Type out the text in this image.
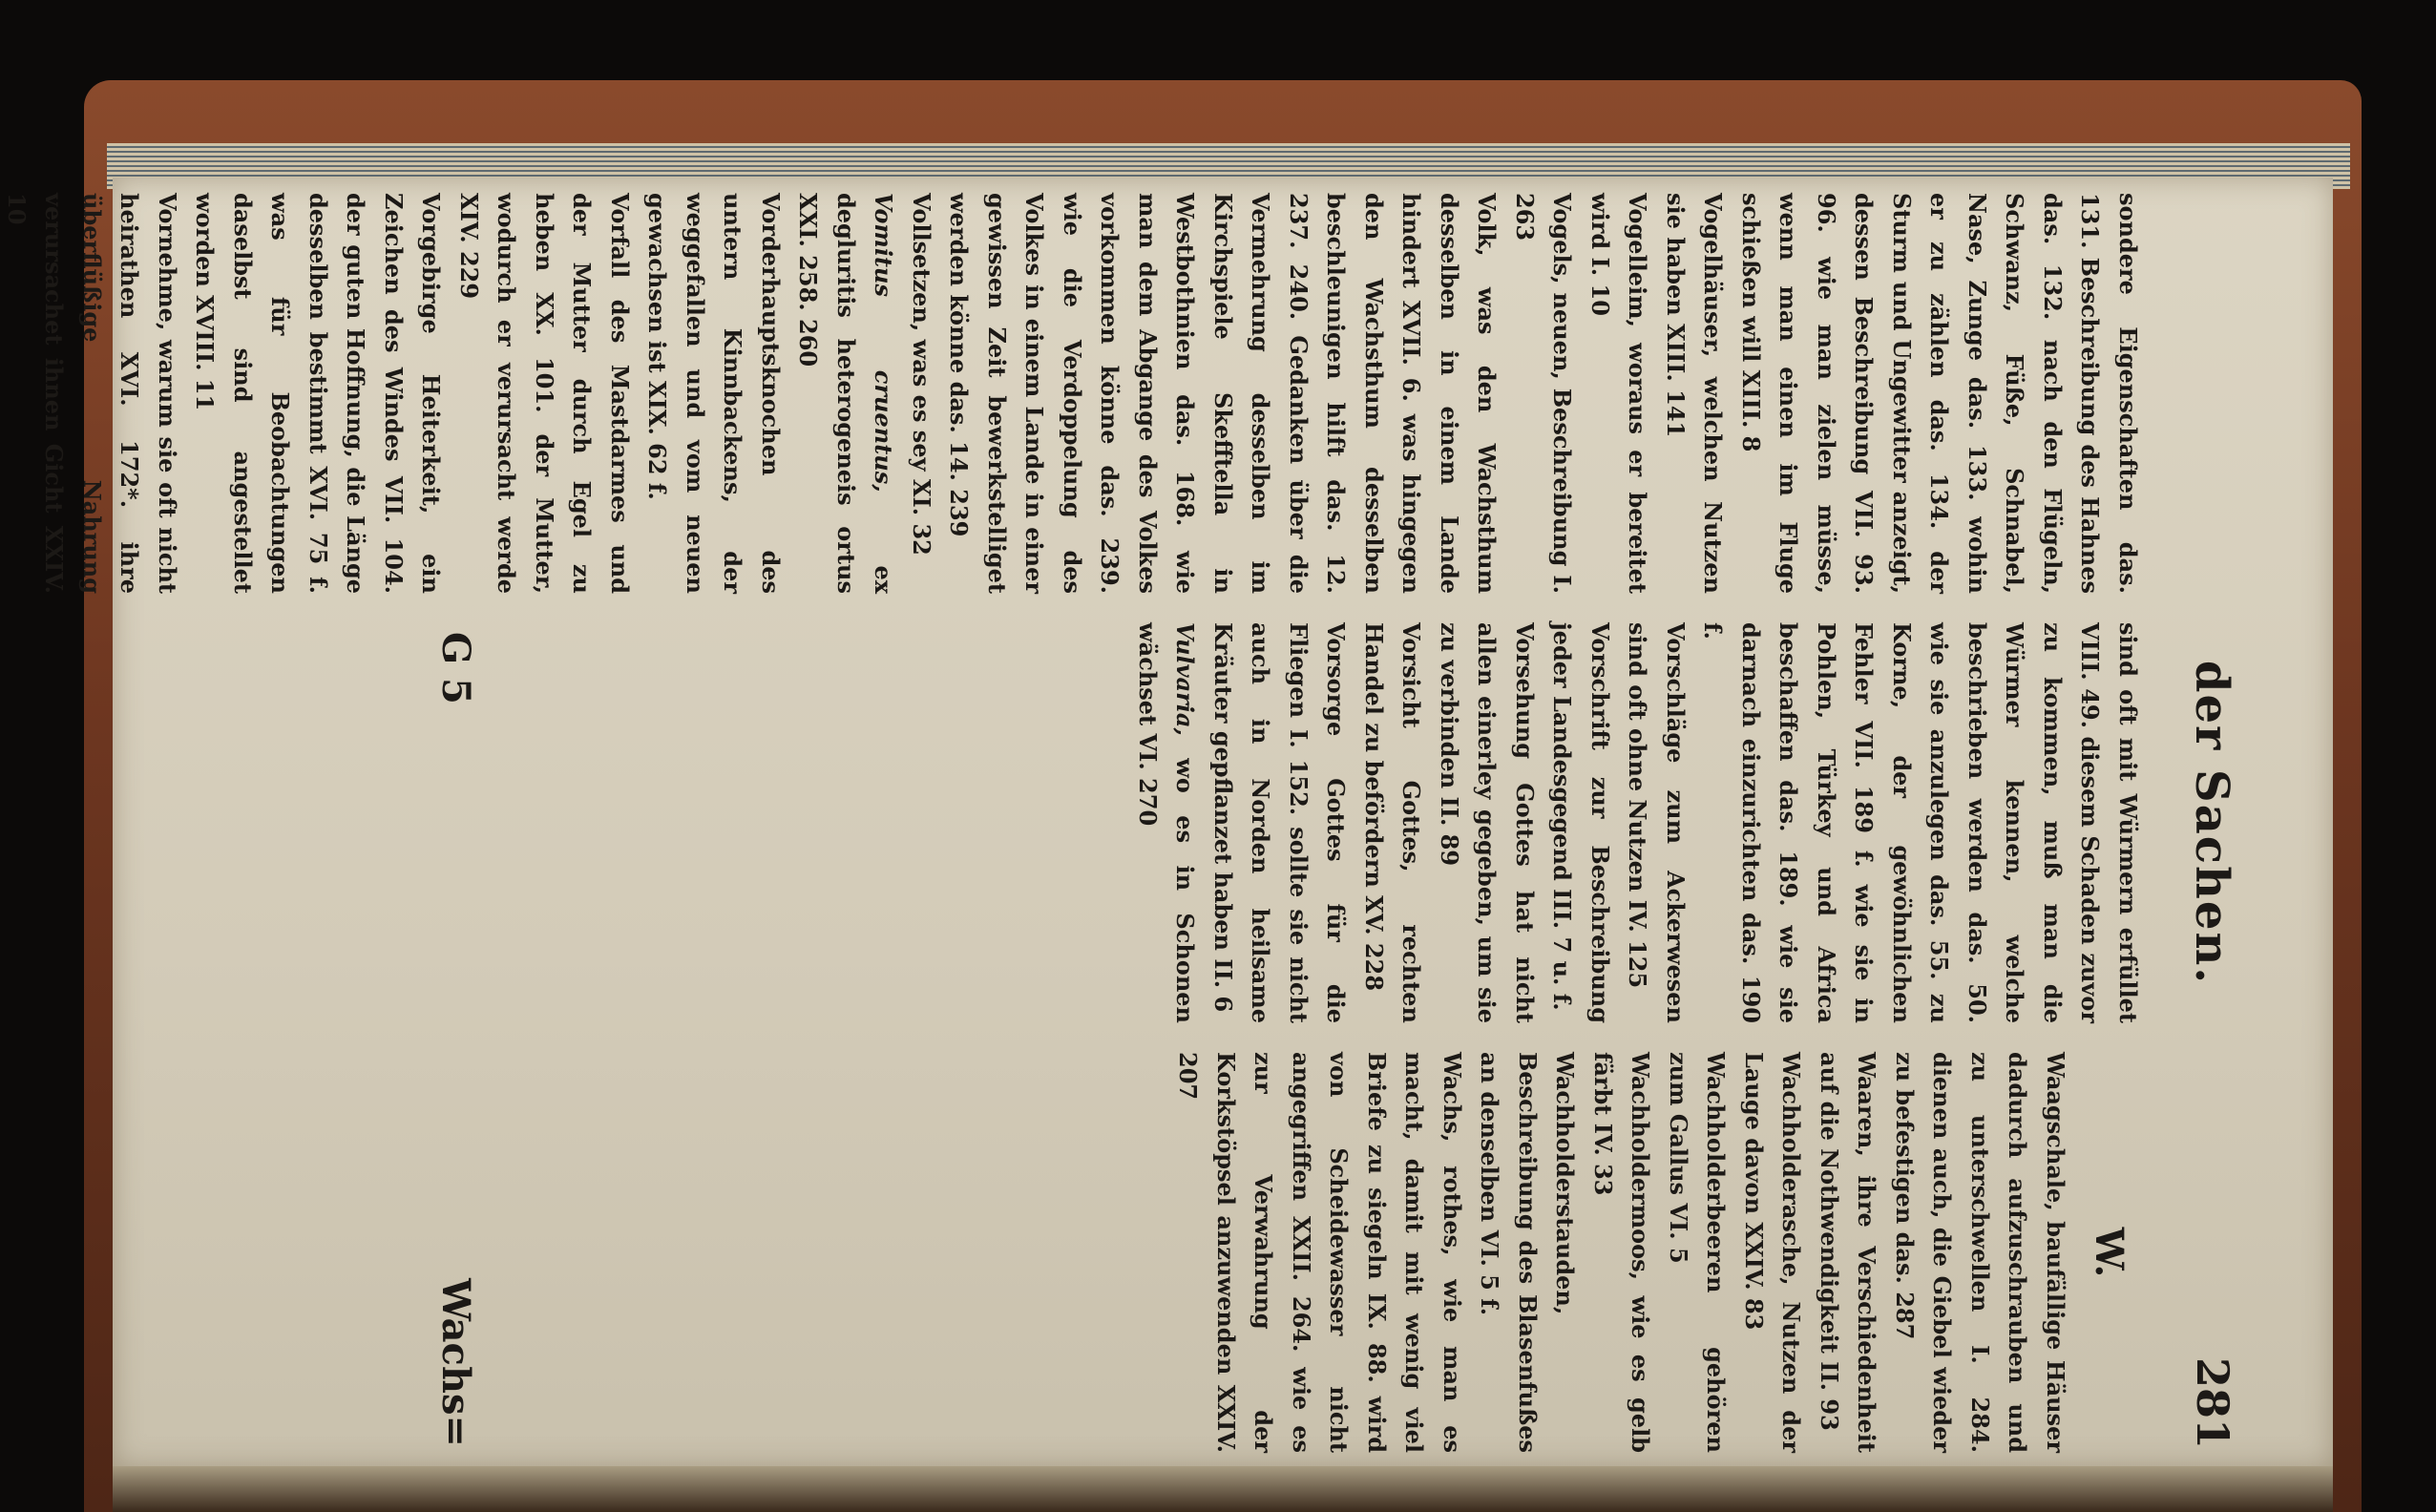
der Sachen.
281

sondere Eigenschaften das. 131. Beschreibung des Hahnes das. 132. nach den Flügeln, Schwanz, Füße, Schnabel, Nase, Zunge das. 133. wohin er zu zählen das. 134. der Sturm und Ungewitter anzeigt, dessen Beschreibung VII. 93. 96. wie man zielen müsse, wenn man einen im Fluge schießen will XIII. 8

Vogelhäuser, welchen Nutzen sie haben XIII. 141

Vogelleim, woraus er bereitet wird I. 10

Vogels, neuen, Beschreibung I. 263

Volk, was den Wachsthum desselben in einem Lande hindert XVII. 6. was hingegen den Wachsthum desselben beschleunigen hilft das. 12. 237. 240. Gedanken über die Vermehrung desselben im Kirchspiele Skefftella in Westbothnien das. 168. wie man dem Abgange des Volkes vorkommen könne das. 239. wie die Verdoppelung des Volkes in einem Lande in einer gewissen Zeit bewerkstelliget werden könne das. 14. 239

Vollsetzen, was es sey XI. 32

Vomitus cruentus, ex degluritis heterogeneis ortus XXI. 258. 260

Vorderhauptsknochen des untern Kinnbackens, der weggefallen und vom neuen gewachsen ist XIX. 62 f.

Vorfall des Mastdarmes und der Mutter durch Egel zu heben XX. 101. der Mutter, wodurch er verursacht werde XIV. 229

Vorgebirge Heiterkeit, ein Zeichen des Windes VII. 104. der guten Hoffnung, die Länge desselben bestimmt XVI. 75 f. was für Beobachtungen daselbst sind angestellet worden XVIII. 11

Vornehme, warum sie oft nicht heirathen XVI. 172*. ihre überflüßige Nahrung verursachet ihnen Gicht XXIV. 10

sind oft mit Würmern erfüllet VIII. 49. diesem Schaden zuvor zu kommen, muß man die Würmer kennen, welche beschrieben werden das. 50. wie sie anzulegen das. 55. zu Korne, der gewöhnlichen Fehler VII. 189 f. wie sie in Pohlen, Türkey und Africa beschaffen das. 189. wie sie darnach einzurichten das. 190 f.

Vorschläge zum Ackerwesen sind oft ohne Nutzen IV. 125

Vorschrift zur Beschreibung jeder Landesgegend III. 7 u. f.

Vorsehung Gottes hat nicht allen einerley gegeben, um sie zu verbinden II. 89

Vorsicht Gottes, rechten Handel zu befördern XV. 228

Vorsorge Gottes für die Fliegen I. 152. sollte sie nicht auch in Norden heilsame Kräuter gepflanzet haben II. 6

Vulvaria, wo es in Schonen wächset VI. 270

W.

Waagschale, baufällige Häuser dadurch aufzuschrauben und zu unterschwellen I. 284. dienen auch, die Giebel wieder zu befestigen das. 287

Waaren, ihre Verschiedenheit auf die Nothwendigkeit II. 93

Wachholderasche, Nutzen der Lauge davon XXIV. 83

Wachholderbeeren gehören zum Gallus VI. 5

Wachholdermoos, wie es gelb färbt IV. 33

Wachholderstauden, Beschreibung des Blasenfußes an denselben VI. 5 f.

Wachs, rothes, wie man es macht, damit mit wenig viel Briefe zu siegeln IX. 88. wird von Scheidewasser nicht angegriffen XXII. 264. wie es zur Verwahrung der Korkstöpsel anzuwenden XXIV. 207

G 5
Wachs=
